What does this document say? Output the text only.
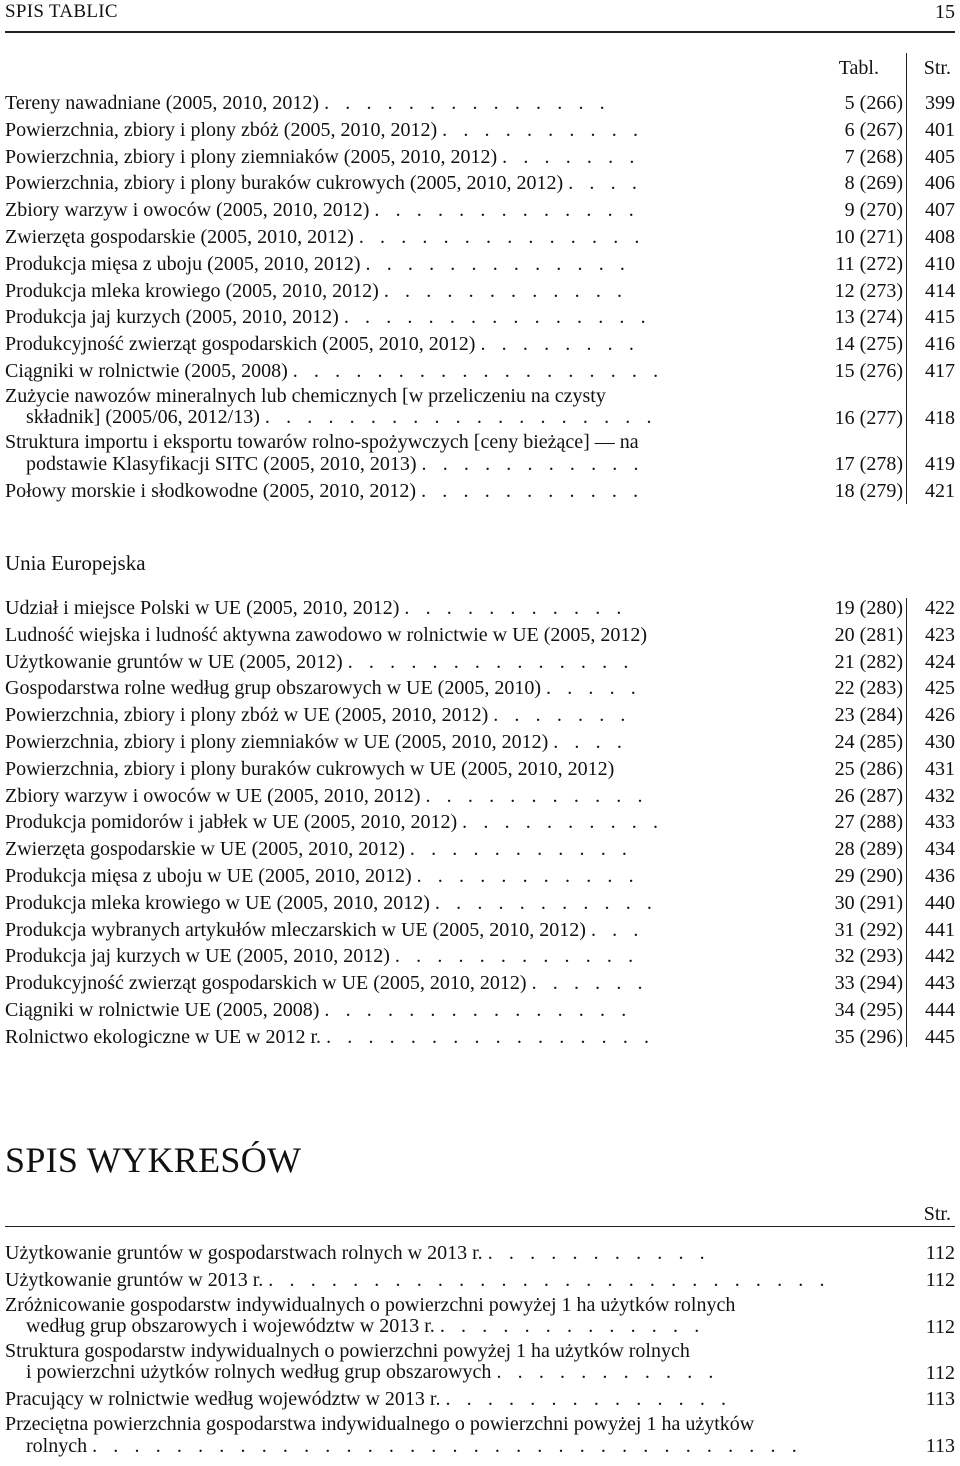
SPIS TABLIC	15
Tabl. Str.
Tereny nawadniane (2005, 2010, 2012) . . . . . . . . . . . . . .	5 (266)	399
Powierzchnia, zbiory i plony zbóż (2005, 2010, 2012) . . . . . . . . . .	6 (267)	401
Powierzchnia, zbiory i plony ziemniaków (2005, 2010, 2012) . . . . . . .	7 (268)	405
Powierzchnia, zbiory i plony buraków cukrowych (2005, 2010, 2012) . . . .	8 (269)	406
Zbiory warzyw i owoców (2005, 2010, 2012) . . . . . . . . . . . . .	9 (270)	407
Zwierzęta gospodarskie (2005, 2010, 2012) . . . . . . . . . . . . . .	10 (271)	408
Produkcja mięsa z uboju (2005, 2010, 2012) . . . . . . . . . . . . .	11 (272)	410
Produkcja mleka krowiego (2005, 2010, 2012) . . . . . . . . . . . .	12 (273)	414
Produkcja jaj kurzych (2005, 2010, 2012) . . . . . . . . . . . . . . .	13 (274)	415
Produkcyjność zwierząt gospodarskich (2005, 2010, 2012) . . . . . . . .	14 (275)	416
Ciągniki w rolnictwie (2005, 2008) . . . . . . . . . . . . . . . . . .	15 (276)	417
Zużycie nawozów mineralnych lub chemicznych [w przeliczeniu na czysty
składnik] (2005/06, 2012/13) . . . . . . . . . . . . . . . . . . .	16 (277)	418
Struktura importu i eksportu towarów rolno-spożywczych [ceny bieżące] — na
podstawie Klasyfikacji SITC (2005, 2010, 2013) . . . . . . . . . . .	17 (278)	419
Połowy morskie i słodkowodne (2005, 2010, 2012) . . . . . . . . . . .	18 (279)	421
Unia Europejska
Udział i miejsce Polski w UE (2005, 2010, 2012) . . . . . . . . . . .	19 (280)	422
Ludność wiejska i ludność aktywna zawodowo w rolnictwie w UE (2005, 2012)	20 (281)	423
Użytkowanie gruntów w UE (2005, 2012) . . . . . . . . . . . . . .	21 (282)	424
Gospodarstwa rolne według grup obszarowych w UE (2005, 2010) . . . . .	22 (283)	425
Powierzchnia, zbiory i plony zbóż w UE (2005, 2010, 2012) . . . . . . .	23 (284)	426
Powierzchnia, zbiory i plony ziemniaków w UE (2005, 2010, 2012) . . . .	24 (285)	430
Powierzchnia, zbiory i plony buraków cukrowych w UE (2005, 2010, 2012)	25 (286)	431
Zbiory warzyw i owoców w UE (2005, 2010, 2012) . . . . . . . . . . .	26 (287)	432
Produkcja pomidorów i jabłek w UE (2005, 2010, 2012) . . . . . . . . . .	27 (288)	433
Zwierzęta gospodarskie w UE (2005, 2010, 2012) . . . . . . . . . . .	28 (289)	434
Produkcja mięsa z uboju w UE (2005, 2010, 2012) . . . . . . . . . . .	29 (290)	436
Produkcja mleka krowiego w UE (2005, 2010, 2012) . . . . . . . . . . .	30 (291)	440
Produkcja wybranych artykułów mleczarskich w UE (2005, 2010, 2012) . . .	31 (292)	441
Produkcja jaj kurzych w UE (2005, 2010, 2012) . . . . . . . . . . . .	32 (293)	442
Produkcyjność zwierząt gospodarskich w UE (2005, 2010, 2012) . . . . . .	33 (294)	443
Ciągniki w rolnictwie UE (2005, 2008) . . . . . . . . . . . . . . .	34 (295)	444
Rolnictwo ekologiczne w UE w 2012 r. . . . . . . . . . . . . . . . .	35 (296)	445
SPIS WYKRESÓW
Str.
Użytkowanie gruntów w gospodarstwach rolnych w 2013 r. . . . . . . . . . . .	112
Użytkowanie gruntów w 2013 r. . . . . . . . . . . . . . . . . . . . . . . . . . . .	112
Zróżnicowanie gospodarstw indywidualnych o powierzchni powyżej 1 ha użytków rolnych
według grup obszarowych i województw w 2013 r. . . . . . . . . . . . . .	112
Struktura gospodarstw indywidualnych o powierzchni powyżej 1 ha użytków rolnych
i powierzchni użytków rolnych według grup obszarowych . . . . . . . . . . .	112
Pracujący w rolnictwie według województw w 2013 r. . . . . . . . . . . . . . .	113
Przeciętna powierzchnia gospodarstwa indywidualnego o powierzchni powyżej 1 ha użytków
rolnych . . . . . . . . . . . . . . . . . . . . . . . . . . . . . . . . . .	113
